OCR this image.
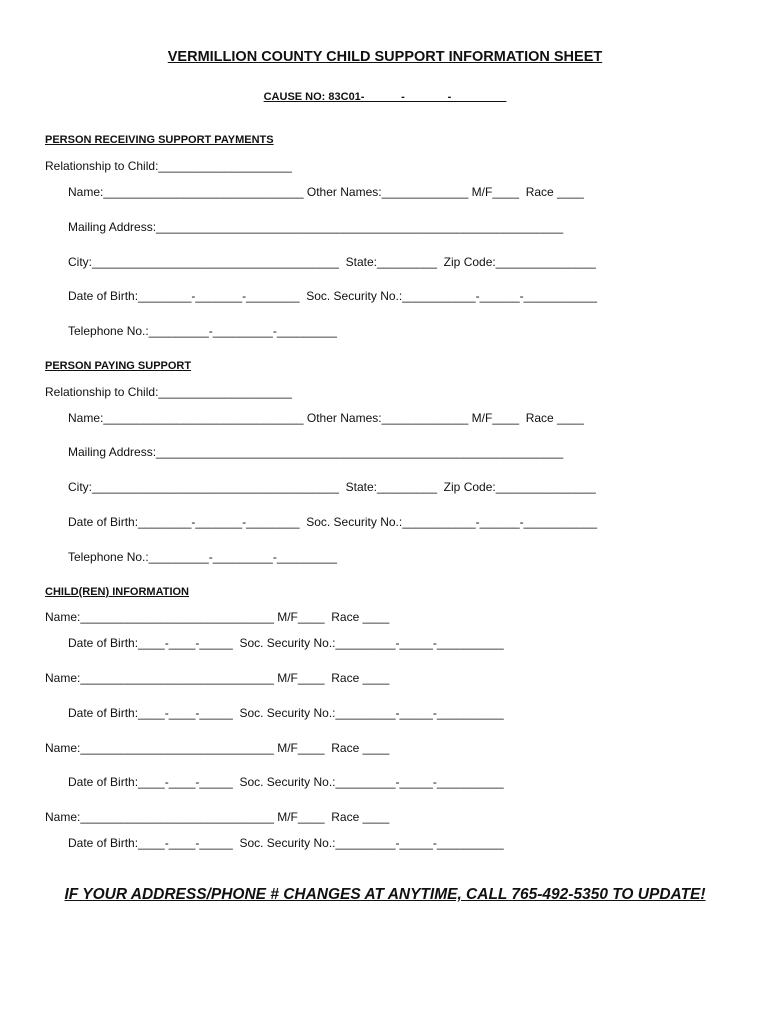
VERMILLION COUNTY CHILD SUPPORT INFORMATION SHEET
CAUSE NO: 83C01-______-_______-_________
PERSON RECEIVING SUPPORT PAYMENTS
Relationship to Child:____________________
Name:______________________________ Other Names:_____________ M/F____  Race ____
Mailing Address:_____________________________________________________________
City:_____________________________________  State:_________  Zip Code:_______________
Date of Birth:________-_______-________  Soc. Security No.:___________-______-___________
Telephone No.:_________-_________-_________
PERSON PAYING SUPPORT
Relationship to Child:____________________
Name:______________________________ Other Names:_____________ M/F____  Race ____
Mailing Address:_____________________________________________________________
City:_____________________________________  State:_________  Zip Code:_______________
Date of Birth:________-_______-________  Soc. Security No.:___________-______-___________
Telephone No.:_________-_________-_________
CHILD(REN) INFORMATION
Name:_____________________________ M/F____  Race ____
Date of Birth:____-____-_____  Soc. Security No.:_________-_____-__________
Name:_____________________________ M/F____  Race ____
Date of Birth:____-____-_____  Soc. Security No.:_________-_____-__________
Name:_____________________________ M/F____  Race ____
Date of Birth:____-____-_____  Soc. Security No.:_________-_____-__________
Name:_____________________________ M/F____  Race ____
Date of Birth:____-____-_____  Soc. Security No.:_________-_____-__________
IF YOUR ADDRESS/PHONE # CHANGES AT ANYTIME, CALL 765-492-5350 TO UPDATE!
